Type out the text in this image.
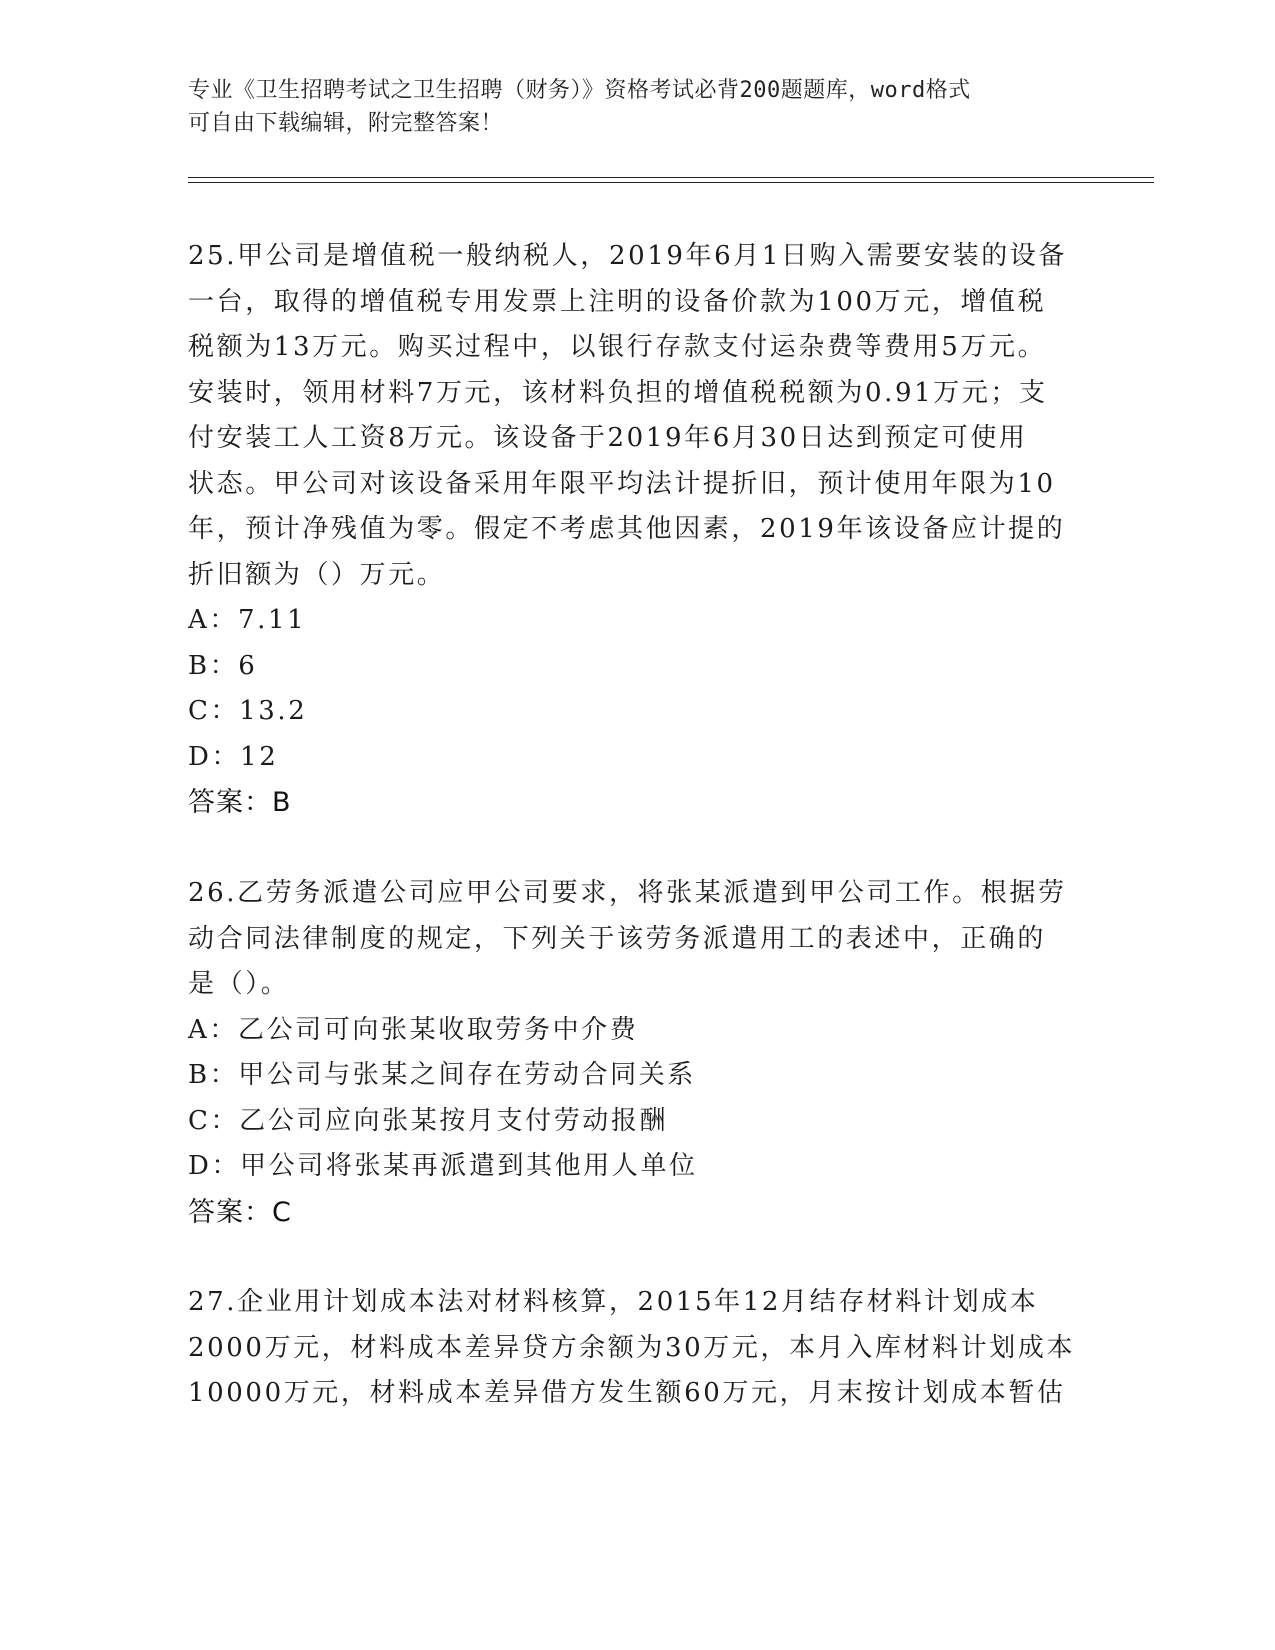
专业《卫生招聘考试之卫生招聘（财务）》资格考试必背200题题库，word格式
可自由下载编辑，附完整答案！
25.甲公司是增值税一般纳税人，2019年6月1日购入需要安装的设备
一台，取得的增值税专用发票上注明的设备价款为100万元，增值税
税额为13万元。购买过程中，以银行存款支付运杂费等费用5万元。
安装时，领用材料7万元，该材料负担的增值税税额为0.91万元；支
付安装工人工资8万元。该设备于2019年6月30日达到预定可使用
状态。甲公司对该设备采用年限平均法计提折旧，预计使用年限为10
年，预计净残值为零。假定不考虑其他因素，2019年该设备应计提的
折旧额为（）万元。
A：7.11
B：6
C：13.2
D：12
答案：B
26.乙劳务派遣公司应甲公司要求，将张某派遣到甲公司工作。根据劳
动合同法律制度的规定，下列关于该劳务派遣用工的表述中，正确的
是（）。
A：乙公司可向张某收取劳务中介费
B：甲公司与张某之间存在劳动合同关系
C：乙公司应向张某按月支付劳动报酬
D：甲公司将张某再派遣到其他用人单位
答案：C
27.企业用计划成本法对材料核算，2015年12月结存材料计划成本
2000万元，材料成本差异贷方余额为30万元，本月入库材料计划成本
10000万元，材料成本差异借方发生额60万元，月末按计划成本暂估
